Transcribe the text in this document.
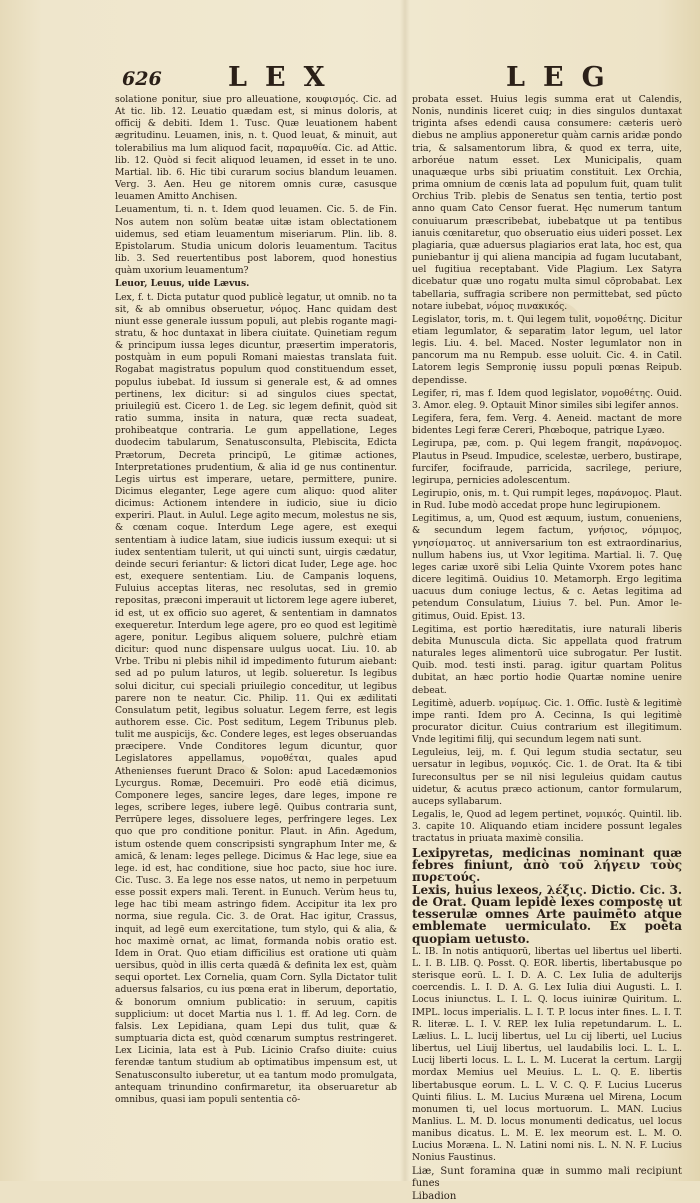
626 LEX	LEG

solatione ponitur, siue pro alleuatione, κουφισμός. Cic. ad At tic. lib. 12. Leuatio quædam est, si minus doloris, at officij & debiti. Idem 1. Tusc. Quæ leuationem habent ægritudinu. Leuamen, inis, n. t. Quod leuat, & minuit, aut tolerabilius ma lum aliquod facit, παραμυθία. Cic. ad Attic. lib. 12. Quòd si fecit aliquod leuamen, id esset in te uno. Martial. lib. 6. Hic tibi curarum socius blandum leuamen. Verg. 3. Aen. Heu ge nitorem omnis curæ, casusque leuamen Amitto Anchisen.

Leuamentum, ti. n. t. Idem quod leuamen. Cic. 5. de Fin. Nos autem non solùm beatæ uitæ istam oblectationem uidemus, sed etiam leuamentum miseriarum. Plin. lib. 8. Epistolarum. Studia unicum doloris leuamentum. Tacitus lib. 3. Sed reuertentibus post laborem, quod honestius quàm uxorium leuamentum?

Leuor, Leuus, uide Lævus.

Lex, f. t. Dicta putatur quod publicè legatur, ut omnib. no ta sit, & ab omnibus obseruetur, νόμος. Hanc quidam dest niunt esse generale iussum populi, aut plebis rogante magistratu, & hoc duntaxat in libera ciuitate. Quinetiam regum & principum iussa leges dicuntur, præsertim imperatoris, postquàm in eum populi Romani maiestas translata fuit. Rogabat magistratus populum quod constituendum esset, populus iubebat. Id iussum si generale est, & ad omnes pertinens, lex dicitur: si ad singulos ciues spectat, priuilegiū est. Cicero 1. de Leg. sic legem definit, quòd sit ratio summa, insita in natura, quæ recta suadeat, prohibeatque contraria. Le gum appellatione, Leges duodecim tabularum, Senatusconsulta, Plebiscita, Edicta Prætorum, Decreta principū, Le gitimæ actiones, Interpretationes prudentium, & alia id ge nus continentur. Legis uirtus est imperare, uetare, permittere, punire. Dicimus eleganter, Lege agere cum aliquo: quod aliter dicimus: Actionem intendere in iudicio, siue iu dicio experiri. Plaut. in Aulul. Lege agito mecum, molestus ne sis, & cœnam coque. Interdum Lege agere, est exequi sententiam à iudice latam, siue iudicis iussum exequi: ut si iudex sententiam tulerit, ut qui uincti sunt, uirgis cædatur, deinde securi feriantur: & lictori dicat Iuder, Lege age. hoc est, exequere sententiam. Liu. de Campanis loquens, Fuluius acceptas literas, nec resolutas, sed in gremio repositas, præconi imperauit ut lictorem lege agere iuberet, id est, ut ex officio suo ageret, & sententiam in damnatos exequeretur. Interdum lege agere, pro eo quod est legitimè agere, ponitur. Legibus aliquem soluere, pulchrè etiam dicitur: quod nunc dispensare uulgus uocat. Liu. 10. ab Vrbe. Tribu ni plebis nihil id impedimento futurum aiebant: sed ad po pulum laturos, ut legib. solueretur. Is legibus solui dicitur, cui speciali priuilegio conceditur, ut legibus parere non te neatur. Cic. Philip. 11. Qui ex ædilitati Consulatum petit, legibus soluatur. Legem ferre, est legis authorem esse. Cic. Post seditum, Legem Tribunus pleb. tulit me auspicijs, &c. Condere leges, est leges obseruandas præcipere. Vnde Conditores legum dicuntur, quor Legislatores appellamus, νομοθέται, quales apud Athenienses fuerunt Draco & Solon: apud Lacedæmonios Lycurgus. Romæ, Decemuiri. Pro eodē etiā dicimus, Componere leges, sancire leges, dare leges, impone re leges, scribere leges, iubere legē. Quibus contraria sunt, Perrūpere leges, dissoluere leges, perfringere leges. Lex quo que pro conditione ponitur. Plaut. in Afin. Agedum, istum ostende quem conscripsisti syngraphum Inter me, & amicā, & lenam: leges pellege. Dicimus & Hac lege, siue ea lege. id est, hac conditione, siue hoc pacto, siue hoc iure. Cic. Tusc. 3. Ea lege nos esse natos, ut nemo in perpetuum esse possit expers mali. Terent. in Eunuch. Verùm heus tu, lege hac tibi meam astringo fidem. Accipitur ita lex pro norma, siue regula. Cic. 3. de Orat. Hac igitur, Crassus, inquit, ad legē eum exercitatione, tum stylo, qui & alia, & hoc maximè ornat, ac limat, formanda nobis oratio est. Idem in Orat. Quo etiam difficilius est oratione uti quàm uersibus, quòd in illis certa quædā & definita lex est, quàm sequi oportet. Lex Cornelia, quam Corn. Sylla Dictator tulit aduersus falsarios, cu ius pœna erat in liberum, deportatio, & bonorum omnium publicatio: in seruum, capitis supplicium: ut docet Martia nus l. 1. ff. Ad leg. Corn. de falsis. Lex Lepidiana, quam Lepi dus tulit, quæ & sumptuaria dicta est, quòd cœnarum sumptus restringeret. Lex Licinia, lata est à Pub. Licinio Crafso diuite: cuius ferendæ tantum studium ab optimatibus impensum est, ut Senatusconsulto iuberetur, ut ea tantum modo promulgata, antequam trinundino confirmaretur, ita obseruaretur ab omnibus, quasi iam populi sententia cō-

probata esset. Huius legis summa erat ut Calendis, Nonis, nundinis liceret cuiq; in dies singulos duntaxat triginta afses edendi causa consumere: cæteris uerò diebus ne amplius apponeretur quàm carnis aridæ pondo tria, & salsamentorum libra, & quod ex terra, uite, arboréue natum esset. Lex Municipalis, quam unaquæque urbs sibi priuatim constituit. Lex Orchia, prima omnium de cœnis lata ad populum fuit, quam tulit Orchius Trib. plebis de Senatus sen tentia, tertio post anno quam Cato Censor fuerat. Hęc numerum tantum conuiuarum præscribebat, iubebatque ut pa tentibus ianuis cœnitaretur, quo obseruatio eius uideri posset. Lex plagiaria, quæ aduersus plagiarios erat lata, hoc est, qua puniebantur ij qui aliena mancipia ad fugam lucutabant, uel fugitiua receptabant. Vide Plagium. Lex Satyra dicebatur quæ uno rogatu multa simul cōprobabat. Lex tabellaria, suffragia scribere non permittebat, sed pūcto notare iubebat, νόμος πινακικός.

Legislator, toris, m. t. Qui legem tulit, νομοθέτης. Dicitur etiam legumlator, & separatim lator legum, uel lator legis. Liu. 4. bel. Maced. Noster legumlator non in pancorum ma nu Rempub. esse uoluit. Cic. 4. in Catil. Latorem legis Sempronię iussu populi pœnas Reipub. dependisse.

Legifer, ri, mas f. Idem quod legislator, νομοθέτης. Ouid. 3. Amor. eleg. 9. Optauit Minor similes sibi legifer annos.

Legifera, fera, fem. Verg. 4. Aeneid. mactant de more bidentes Legi feræ Cereri, Phœboque, patrique Lyæo.

Legirupa, pæ, com. p. Qui legem frangit, παράνομος. Plautus in Pseud. Impudice, scelestæ, uerbero, bustirape, furcifer, focifraude, parricida, sacrilege, periure, legirupa, pernicies adolescentum.

Legirupio, onis, m. t. Qui rumpit leges, παράνομος. Plaut. in Rud. Iube modò accedat prope hunc legirupionem.

Legitimus, a, um, Quod est æquum, iustum, conueniens, & secundum legem factum, γνήσιος, νόμιμος, γνησίσματος. ut anniversarium ton est extraordinarius, nullum habens ius, ut Vxor legitima. Martial. li. 7. Quę leges cariæ uxorë sibi Lelia Quinte Vxorem potes hanc dicere legitimā. Ouidius 10. Metamorph. Ergo legitima uacuus dum coniuge lectus, & c. Aetas legitima ad petendum Consulatum, Liuius 7. bel. Pun. Amor legitimus, Ouid. Epist. 13.

Legitima, est portio hæreditatis, iure naturali liberis debita Munuscula dicta. Sic appellata quod fratrum naturales leges alimentorū uice subrogatur. Per Iustit. Quib. mod. testi insti. parag. igitur quartam Politus dubitat, an hæc portio hodie Quartæ nomine uenire debeat.

Legitimè, aduerb. νομίμως. Cic. 1. Offic. Iustè & legitimè impe ranti. Idem pro A. Cecinna, Is qui legitimè procurator dicitur. Cuius contrarium est illegitimum. Vnde legitimi filij, qui secundum legem nati sunt.

Leguleius, leij, m. f. Qui legum studia sectatur, seu uersatur in legibus, νομικός. Cic. 1. de Orat. Ita & tibi Iureconsultus per se nil nisi leguleius quidam cautus uidetur, & acutus præco actionum, cantor formularum, auceps syllabarum.

Legalis, le, Quod ad legem pertinet, νομικός. Quintil. lib. 3. capite 10. Aliquando etiam incidere possunt legales tractatus in priuata maximè consilia.

Lexipyretas, medicinas nominant quæ febres finiunt, ἀπὸ τοῦ λήγειν τοὺς πυρετούς.

Lexis, huius lexeos, λέξις. Dictio. Cic. 3. de Orat. Quam lepidè lexes compostę ut tesserulæ omnes Arte pauimēto atque emblemate uermiculato. Ex poēta quopiam uetusto.

L. IB. In notis antiquorū, libertas uel libertus uel liberti. L. I. B. LIB. Q. Posst. Q. EOR. libertis, libertabusque po sterisque eorū. L. I. D. A. C. Lex Iulia de adulterijs coercendis. L. I. D. A. G. Lex Iulia diui Augusti. L. I. Locus iniunctus. L. I. L. Q. locus iuiniræ Quiritum. L. IMPL. locus imperialis. L. I. T. P. locus inter fines. L. I. T. R. literæ. L. I. V. REP. lex Iulia repetundarum. L. L. Lælius. L. L. lucij libertus, uel Lu cij liberti, uel Lucius libertus, uel Liuij libertus, uel laudabilis loci. L. L. L. Lucij liberti locus. L. L. L. M. Lucerat la certum. Largij mordax Memius uel Meuius. L. L. Q. E. libertis libertabusque eorum. L. L. V. C. Q. F. Lucius Lucerus Quinti filius. L. M. Lucius Muræna uel Mirena, Locum monumen ti, uel locus mortuorum. L. MAN. Lucius Manlius. L. M. D. locus monumenti dedicatus, uel locus manibus dicatus. L. M. E. lex meorum est. L. M. O. Lucius Moræna. L. N. Latini nomi nis. L. N. N. F. Lucius Nonius Faustinus.

Liæ, Sunt foramina quæ in summo mali recipiunt funes

Libadion
